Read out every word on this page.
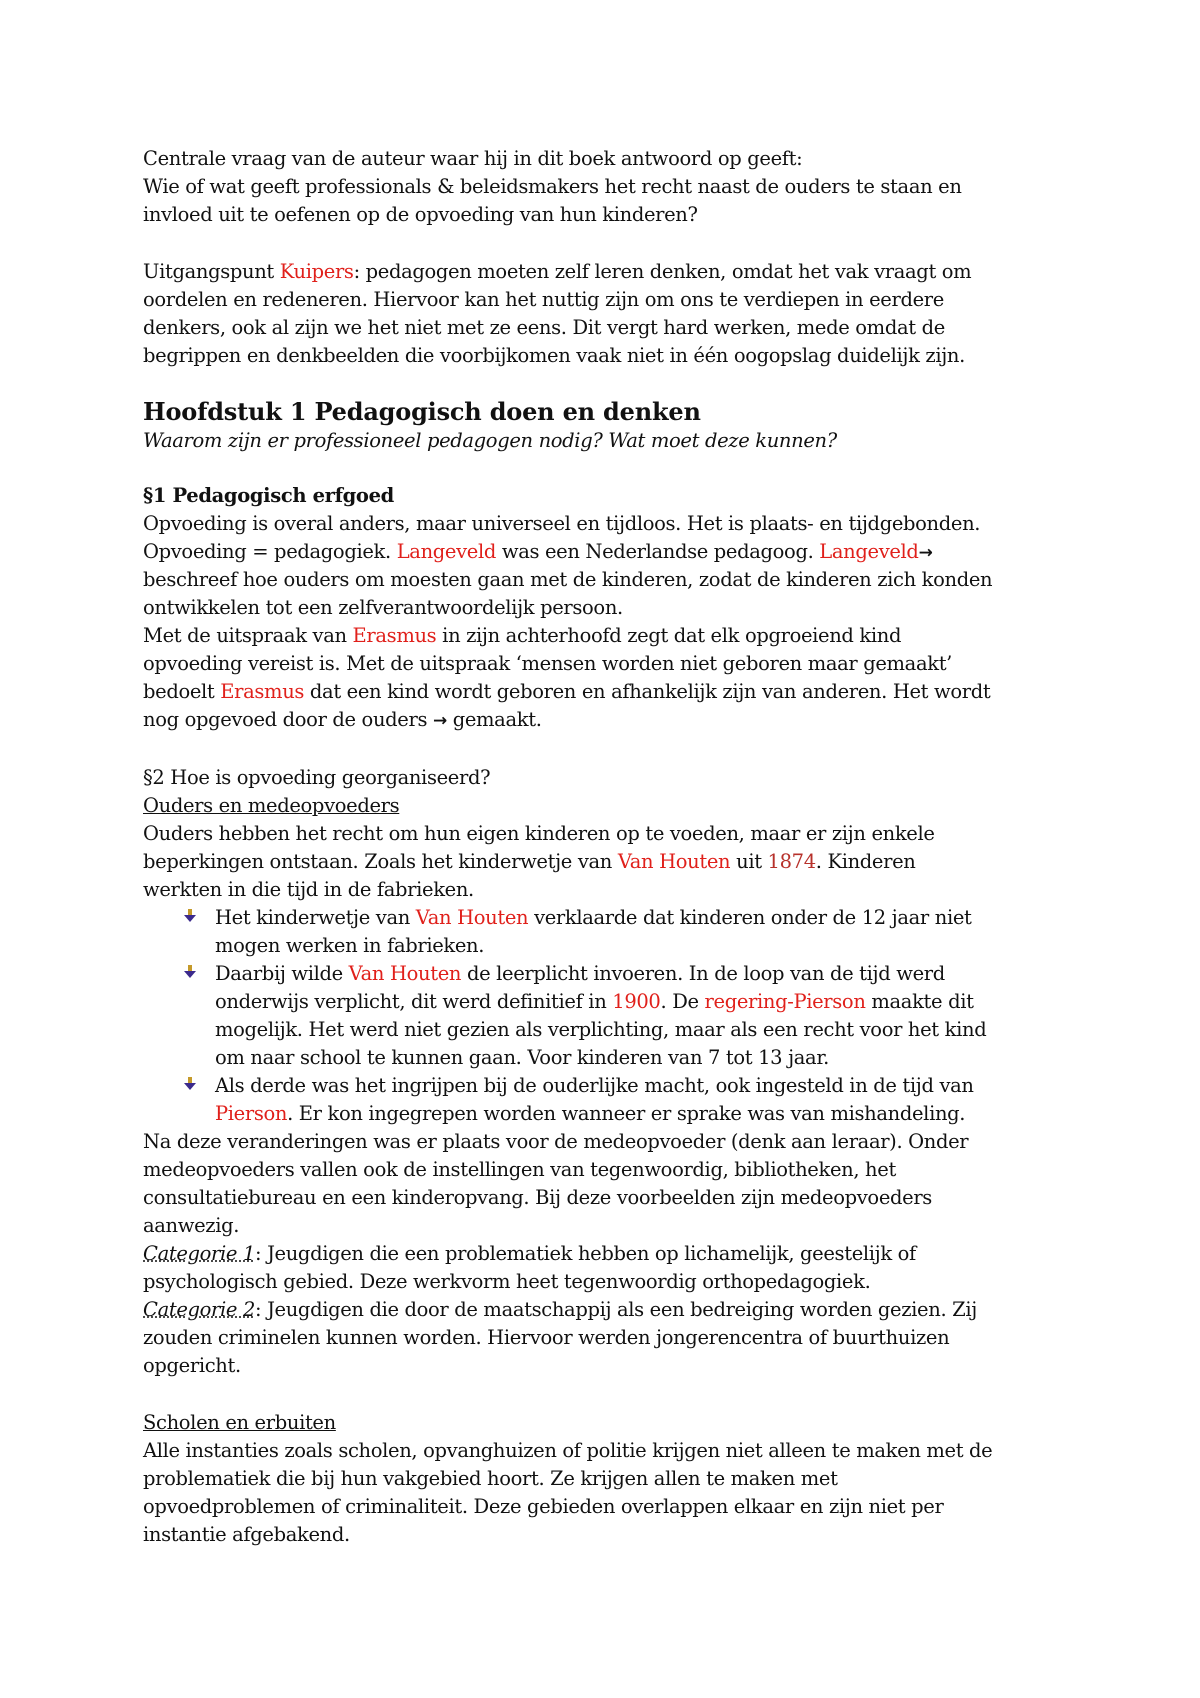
Centrale vraag van de auteur waar hij in dit boek antwoord op geeft:
Wie of wat geeft professionals & beleidsmakers het recht naast de ouders te staan en
invloed uit te oefenen op de opvoeding van hun kinderen?
Uitgangspunt Kuipers: pedagogen moeten zelf leren denken, omdat het vak vraagt om
oordelen en redeneren. Hiervoor kan het nuttig zijn om ons te verdiepen in eerdere
denkers, ook al zijn we het niet met ze eens. Dit vergt hard werken, mede omdat de
begrippen en denkbeelden die voorbijkomen vaak niet in één oogopslag duidelijk zijn.
Hoofdstuk 1 Pedagogisch doen en denken
Waarom zijn er professioneel pedagogen nodig? Wat moet deze kunnen?
§1 Pedagogisch erfgoed
Opvoeding is overal anders, maar universeel en tijdloos. Het is plaats- en tijdgebonden.
Opvoeding = pedagogiek. Langeveld was een Nederlandse pedagoog. Langeveld→
beschreef hoe ouders om moesten gaan met de kinderen, zodat de kinderen zich konden
ontwikkelen tot een zelfverantwoordelijk persoon.
Met de uitspraak van Erasmus in zijn achterhoofd zegt dat elk opgroeiend kind
opvoeding vereist is. Met de uitspraak ‘mensen worden niet geboren maar gemaakt’
bedoelt Erasmus dat een kind wordt geboren en afhankelijk zijn van anderen. Het wordt
nog opgevoed door de ouders → gemaakt.
§2 Hoe is opvoeding georganiseerd?
Ouders en medeopvoeders
Ouders hebben het recht om hun eigen kinderen op te voeden, maar er zijn enkele
beperkingen ontstaan. Zoals het kinderwetje van Van Houten uit 1874. Kinderen
werkten in die tijd in de fabrieken.
Het kinderwetje van Van Houten verklaarde dat kinderen onder de 12 jaar niet
mogen werken in fabrieken.
Daarbij wilde Van Houten de leerplicht invoeren. In de loop van de tijd werd
onderwijs verplicht, dit werd definitief in 1900. De regering-Pierson maakte dit
mogelijk. Het werd niet gezien als verplichting, maar als een recht voor het kind
om naar school te kunnen gaan. Voor kinderen van 7 tot 13 jaar.
Als derde was het ingrijpen bij de ouderlijke macht, ook ingesteld in de tijd van
Pierson. Er kon ingegrepen worden wanneer er sprake was van mishandeling.
Na deze veranderingen was er plaats voor de medeopvoeder (denk aan leraar). Onder
medeopvoeders vallen ook de instellingen van tegenwoordig, bibliotheken, het
consultatiebureau en een kinderopvang. Bij deze voorbeelden zijn medeopvoeders
aanwezig.
Categorie 1: Jeugdigen die een problematiek hebben op lichamelijk, geestelijk of
psychologisch gebied. Deze werkvorm heet tegenwoordig orthopedagogiek.
Categorie 2: Jeugdigen die door de maatschappij als een bedreiging worden gezien. Zij
zouden criminelen kunnen worden. Hiervoor werden jongerencentra of buurthuizen
opgericht.
Scholen en erbuiten
Alle instanties zoals scholen, opvanghuizen of politie krijgen niet alleen te maken met de
problematiek die bij hun vakgebied hoort. Ze krijgen allen te maken met
opvoedproblemen of criminaliteit. Deze gebieden overlappen elkaar en zijn niet per
instantie afgebakend.
